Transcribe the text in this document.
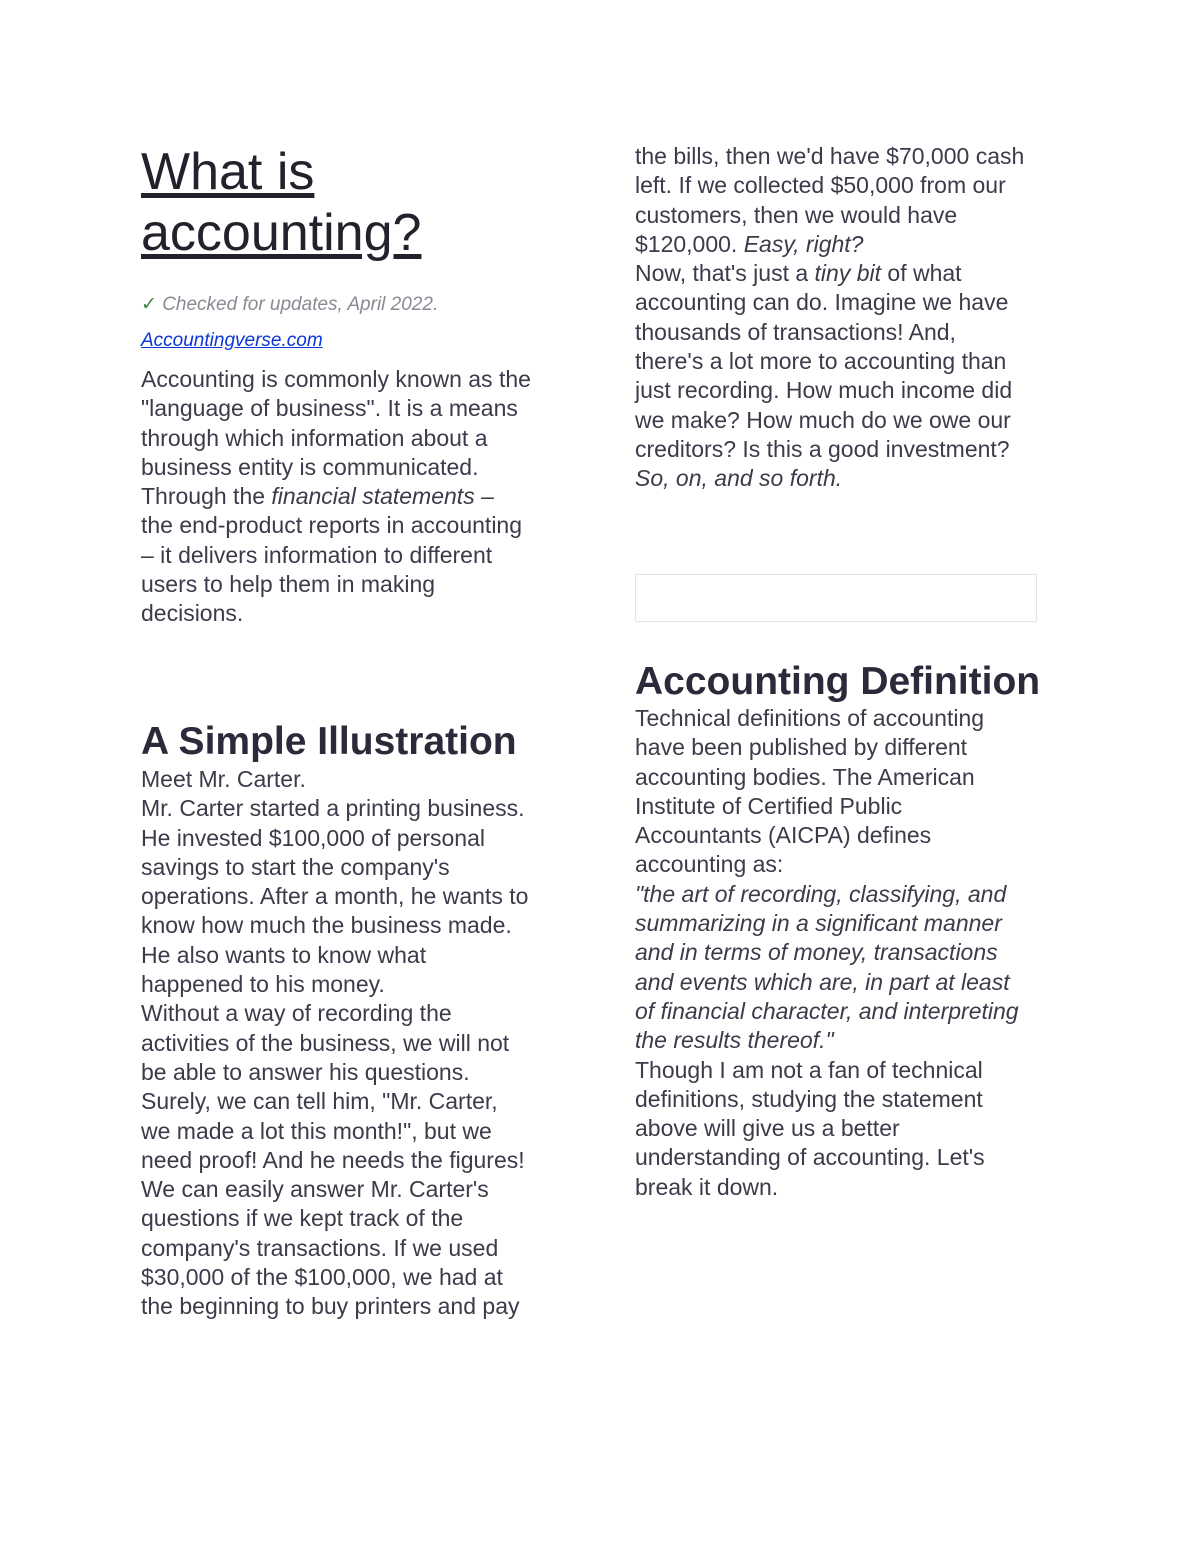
What is accounting?
✓ Checked for updates, April 2022. Accountingverse.com
Accounting is commonly known as the "language of business". It is a means through which information about a business entity is communicated. Through the financial statements – the end-product reports in accounting – it delivers information to different users to help them in making decisions.
A Simple Illustration

Meet Mr. Carter.

Mr. Carter started a printing business. He invested $100,000 of personal savings to start the company's operations. After a month, he wants to know how much the business made. He also wants to know what happened to his money.

Without a way of recording the activities of the business, we will not be able to answer his questions. Surely, we can tell him, "Mr. Carter, we made a lot this month!", but we need proof! And he needs the figures!

We can easily answer Mr. Carter's questions if we kept track of the company's transactions. If we used $30,000 of the $100,000, we had at the beginning to buy printers and pay

the bills, then we'd have $70,000 cash left. If we collected $50,000 from our customers, then we would have $120,000. Easy, right?

Now, that's just a tiny bit of what accounting can do. Imagine we have thousands of transactions! And, there's a lot more to accounting than just recording. How much income did we make? How much do we owe our creditors? Is this a good investment? So, on, and so forth.

Accounting Definition

Technical definitions of accounting have been published by different accounting bodies. The American Institute of Certified Public Accountants (AICPA) defines accounting as:

"the art of recording, classifying, and summarizing in a significant manner and in terms of money, transactions and events which are, in part at least of financial character, and interpreting the results thereof."

Though I am not a fan of technical definitions, studying the statement above will give us a better understanding of accounting. Let's break it down.
